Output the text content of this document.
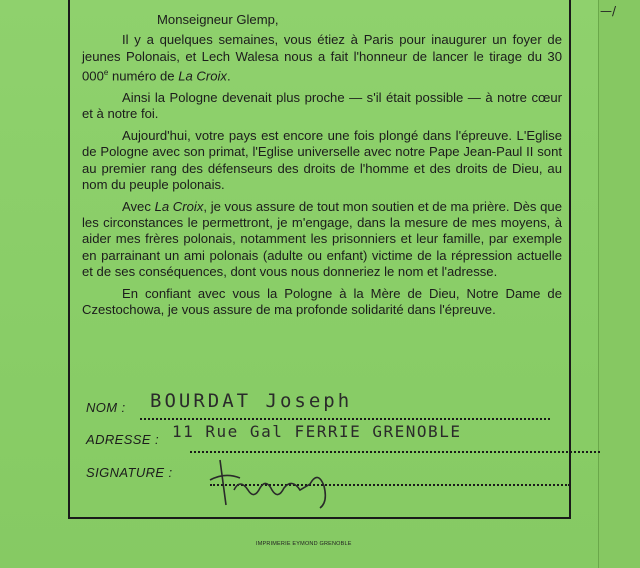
—/

Monseigneur Glemp,

Il y a quelques semaines, vous étiez à Paris pour inaugurer un foyer de jeunes Polonais, et Lech Walesa nous a fait l'honneur de lancer le tirage du 30 000e numéro de La Croix.

Ainsi la Pologne devenait plus proche — s'il était possible — à notre cœur et à notre foi.

Aujourd'hui, votre pays est encore une fois plongé dans l'épreuve. L'Eglise de Pologne avec son primat, l'Eglise universelle avec notre Pape Jean-Paul II sont au premier rang des défenseurs des droits de l'homme et des droits de Dieu, au nom du peuple polonais.

Avec La Croix, je vous assure de tout mon soutien et de ma prière. Dès que les circonstances le permettront, je m'engage, dans la mesure de mes moyens, à aider mes frères polonais, notamment les prisonniers et leur famille, par exemple en parrainant un ami polonais (adulte ou enfant) victime de la répression actuelle et de ses conséquences, dont vous nous donneriez le nom et l'adresse.

En confiant avec vous la Pologne à la Mère de Dieu, Notre Dame de Czestochowa, je vous assure de ma profonde solidarité dans l'épreuve.

NOM :	BOURDAT Joseph
ADRESSE : 11 Rue Gal FERRIE GRENOBLE
SIGNATURE :
IMPRIMERIE EYMOND GRENOBLE
